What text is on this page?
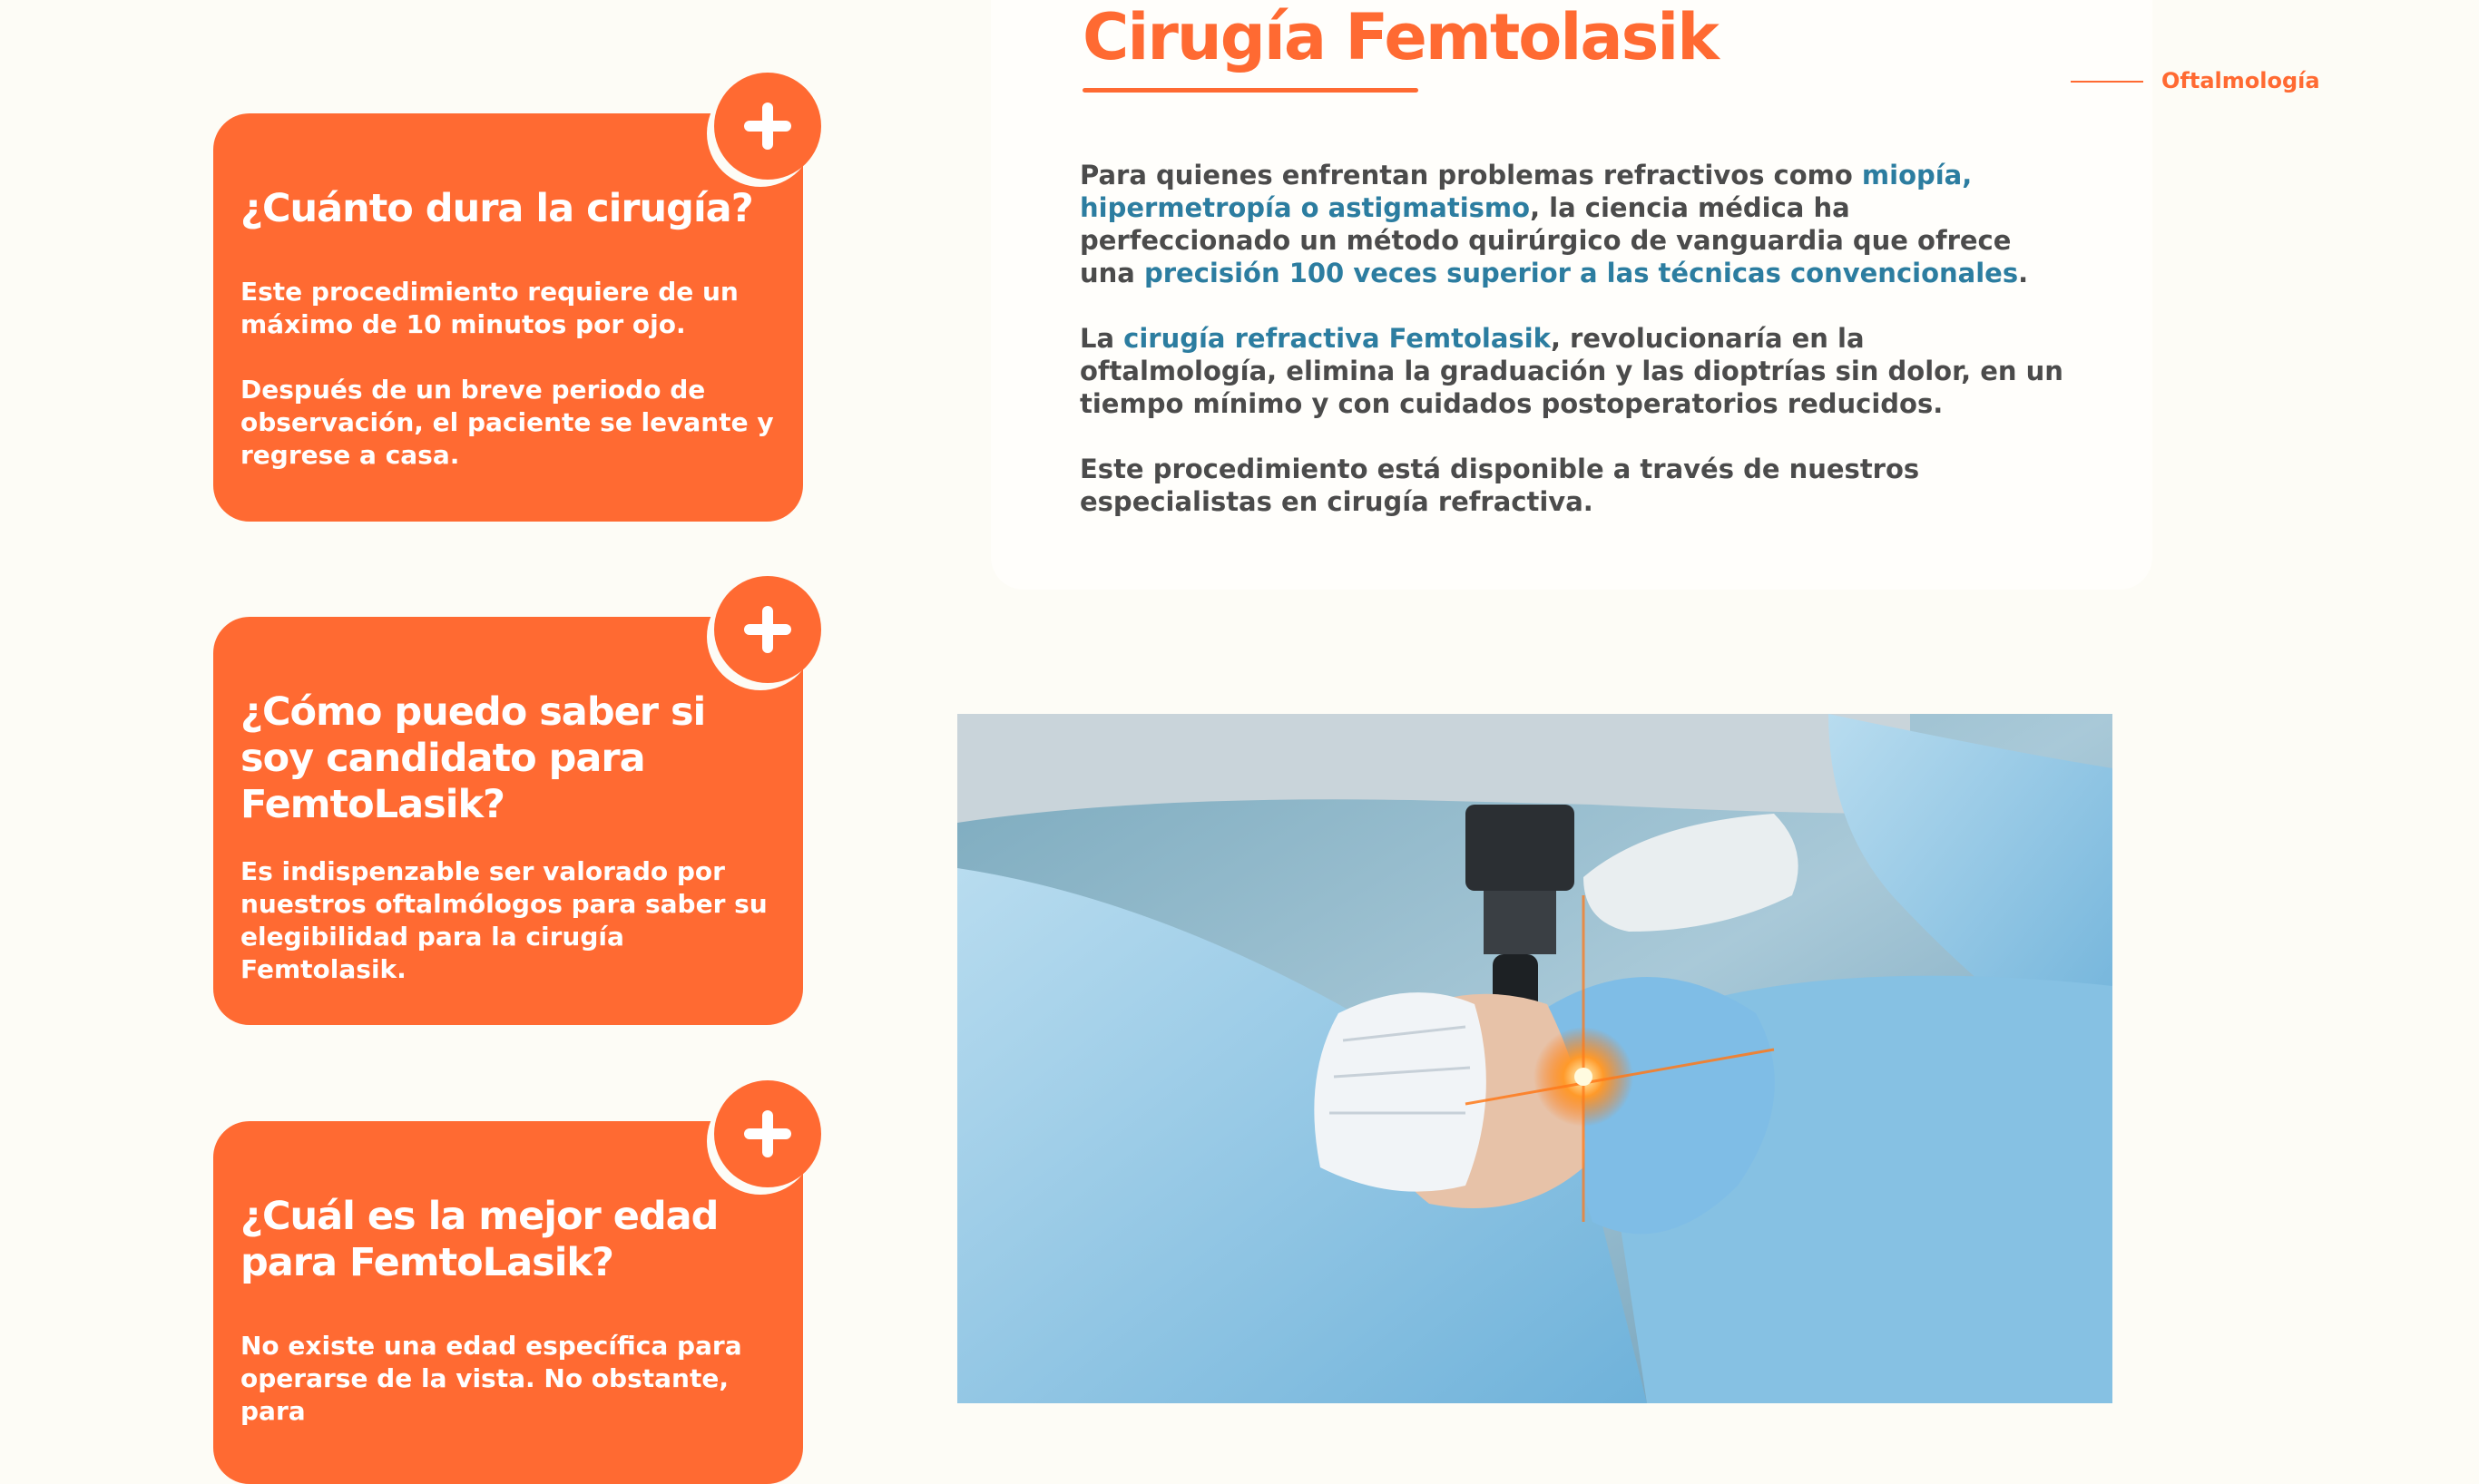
Cirugía Femtolasik
Oftalmología

Para quienes enfrentan problemas refractivos como miopía, hipermetropía o astigmatismo, la ciencia médica ha perfeccionado un método quirúrgico de vanguardia que ofrece una precisión 100 veces superior a las técnicas convencionales.

La cirugía refractiva Femtolasik, revolucionaría en la oftalmología, elimina la graduación y las dioptrías sin dolor, en un tiempo mínimo y con cuidados postoperatorios reducidos.

Este procedimiento está disponible a través de nuestros especialistas en cirugía refractiva.

¿Cuánto dura la cirugía?

Este procedimiento requiere de un máximo de 10 minutos por ojo.

Después de un breve periodo de observación, el paciente se levante y regrese a casa.

¿Cómo puedo saber si soy candidato para FemtoLasik?

Es indispenzable ser valorado por nuestros oftalmólogos para saber su elegibilidad para la cirugía Femtolasik.

¿Cuál es la mejor edad para FemtoLasik?

No existe una edad específica para operarse de la vista. No obstante, para
